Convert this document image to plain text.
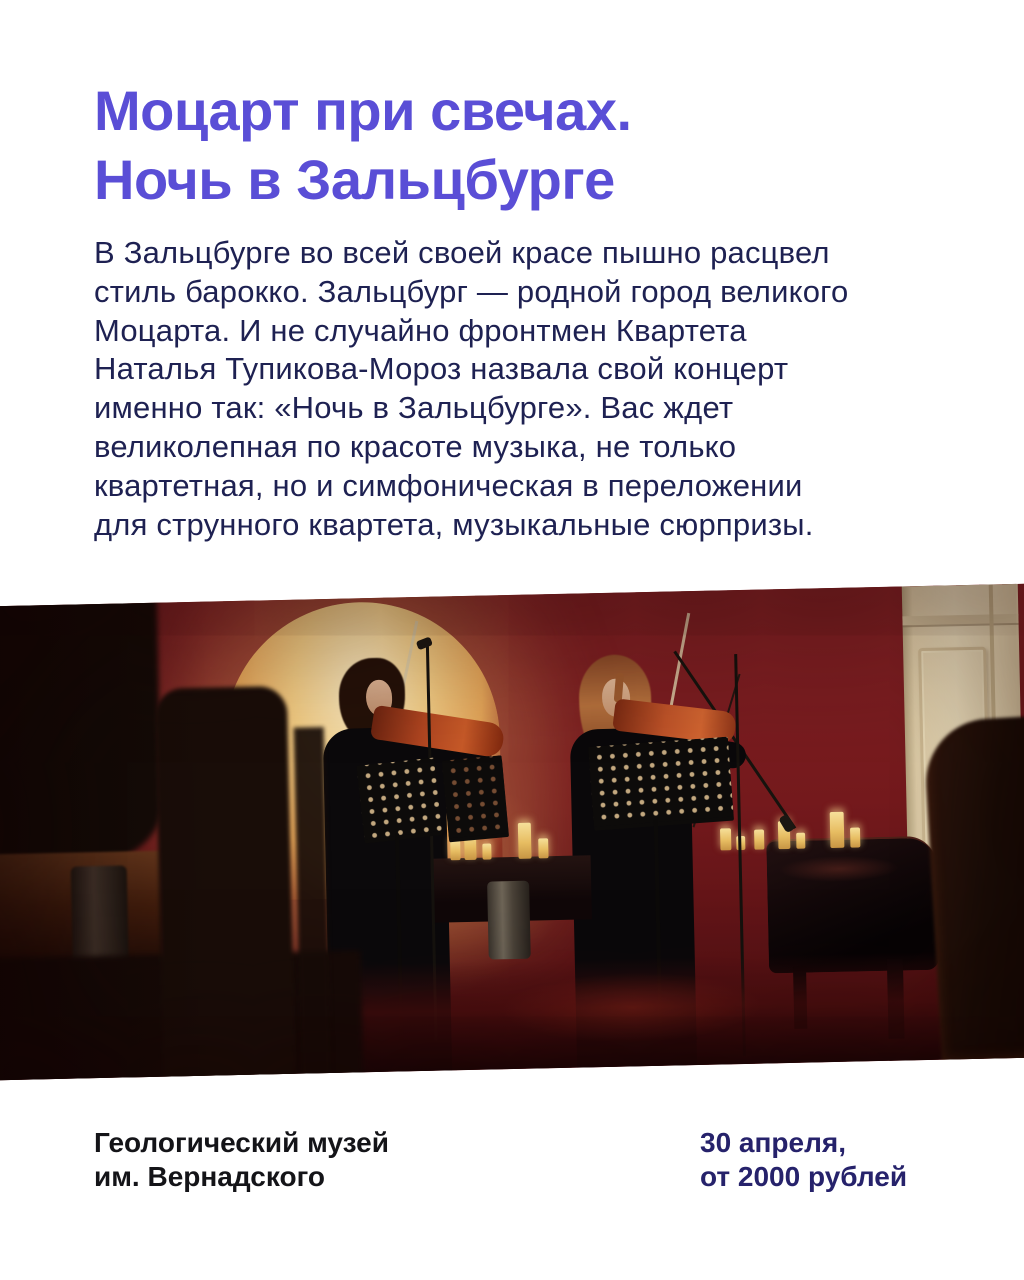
Моцарт при свечах.
Ночь в Зальцбурге
В Зальцбурге во всей своей красе пышно расцвел
стиль барокко. Зальцбург — родной город великого
Моцарта. И не случайно фронтмен Квартета
Наталья Тупикова-Мороз назвала свой концерт
именно так: «Ночь в Зальцбурге». Вас ждет
великолепная по красоте музыка, не только
квартетная, но и симфоническая в переложении
для струнного квартета, музыкальные сюрпризы.
Геологический музей
им. Вернадского
30 апреля,
от 2000 рублей
